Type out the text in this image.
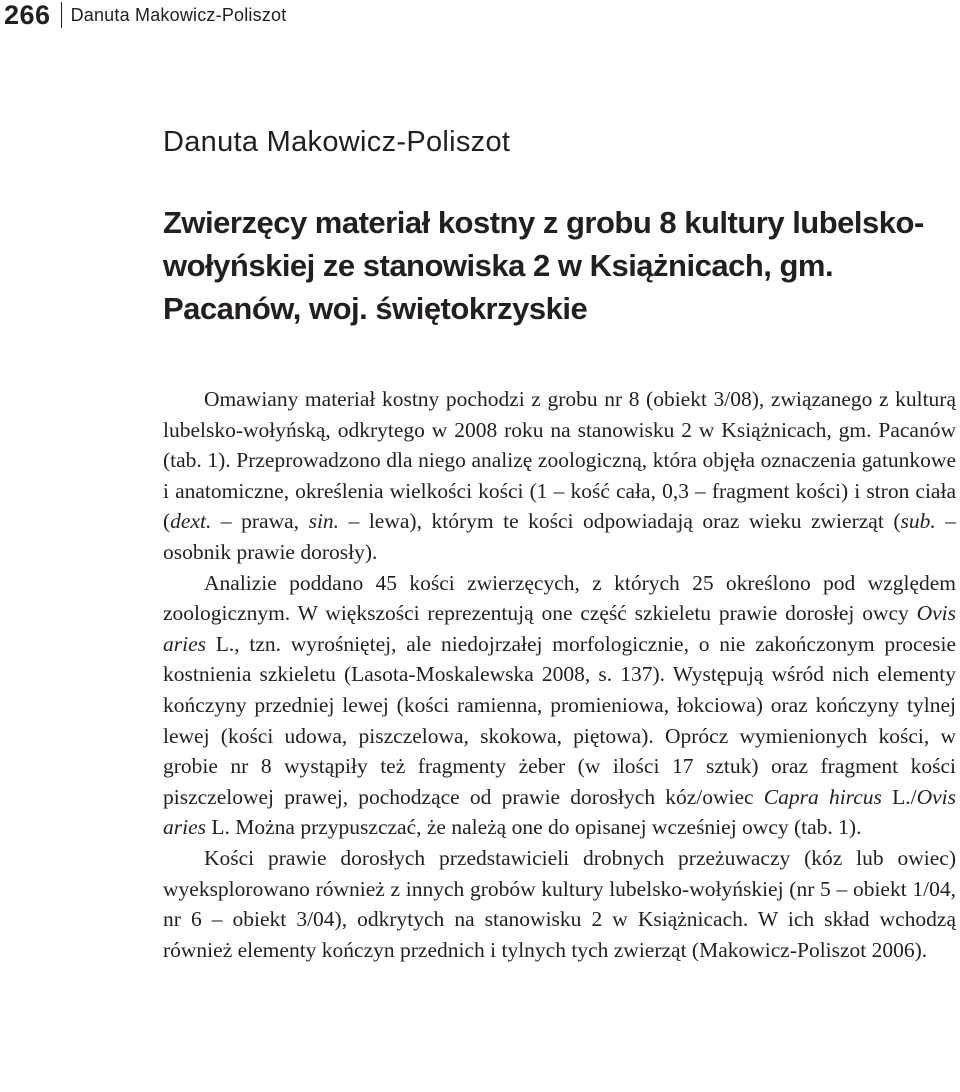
266 Danuta Makowicz-Poliszot
Danuta Makowicz-Poliszot
Zwierzęcy materiał kostny z grobu 8 kultury lubelsko-wołyńskiej ze stanowiska 2 w Książnicach, gm. Pacanów, woj. świętokrzyskie

Omawiany materiał kostny pochodzi z grobu nr 8 (obiekt 3/08), związanego z kulturą lubelsko-wołyńską, odkrytego w 2008 roku na stanowisku 2 w Książnicach, gm. Pacanów (tab. 1). Przeprowadzono dla niego analizę zoologiczną, która objęła oznaczenia gatunkowe i anatomiczne, określenia wielkości kości (1 – kość cała, 0,3 – fragment kości) i stron ciała (dext. – prawa, sin. – lewa), którym te kości odpowiadają oraz wieku zwierząt (sub. – osobnik prawie dorosły).

Analizie poddano 45 kości zwierzęcych, z których 25 określono pod względem zoologicznym. W większości reprezentują one część szkieletu prawie dorosłej owcy Ovis aries L., tzn. wyrośniętej, ale niedojrzałej morfologicznie, o nie zakończonym procesie kostnienia szkieletu (Lasota-Moskalewska 2008, s. 137). Występują wśród nich elementy kończyny przedniej lewej (kości ramienna, promieniowa, łokciowa) oraz kończyny tylnej lewej (kości udowa, piszczelowa, skokowa, piętowa). Oprócz wymienionych kości, w grobie nr 8 wystąpiły też fragmenty żeber (w ilości 17 sztuk) oraz fragment kości piszczelowej prawej, pochodzące od prawie dorosłych kóz/owiec Capra hircus L./Ovis aries L. Można przypuszczać, że należą one do opisanej wcześniej owcy (tab. 1).

Kości prawie dorosłych przedstawicieli drobnych przeżuwaczy (kóz lub owiec) wyeksplorowano również z innych grobów kultury lubelsko-wołyńskiej (nr 5 – obiekt 1/04, nr 6 – obiekt 3/04), odkrytych na stanowisku 2 w Książnicach. W ich skład wchodzą również elementy kończyn przednich i tylnych tych zwierząt (Makowicz-Poliszot 2006).
